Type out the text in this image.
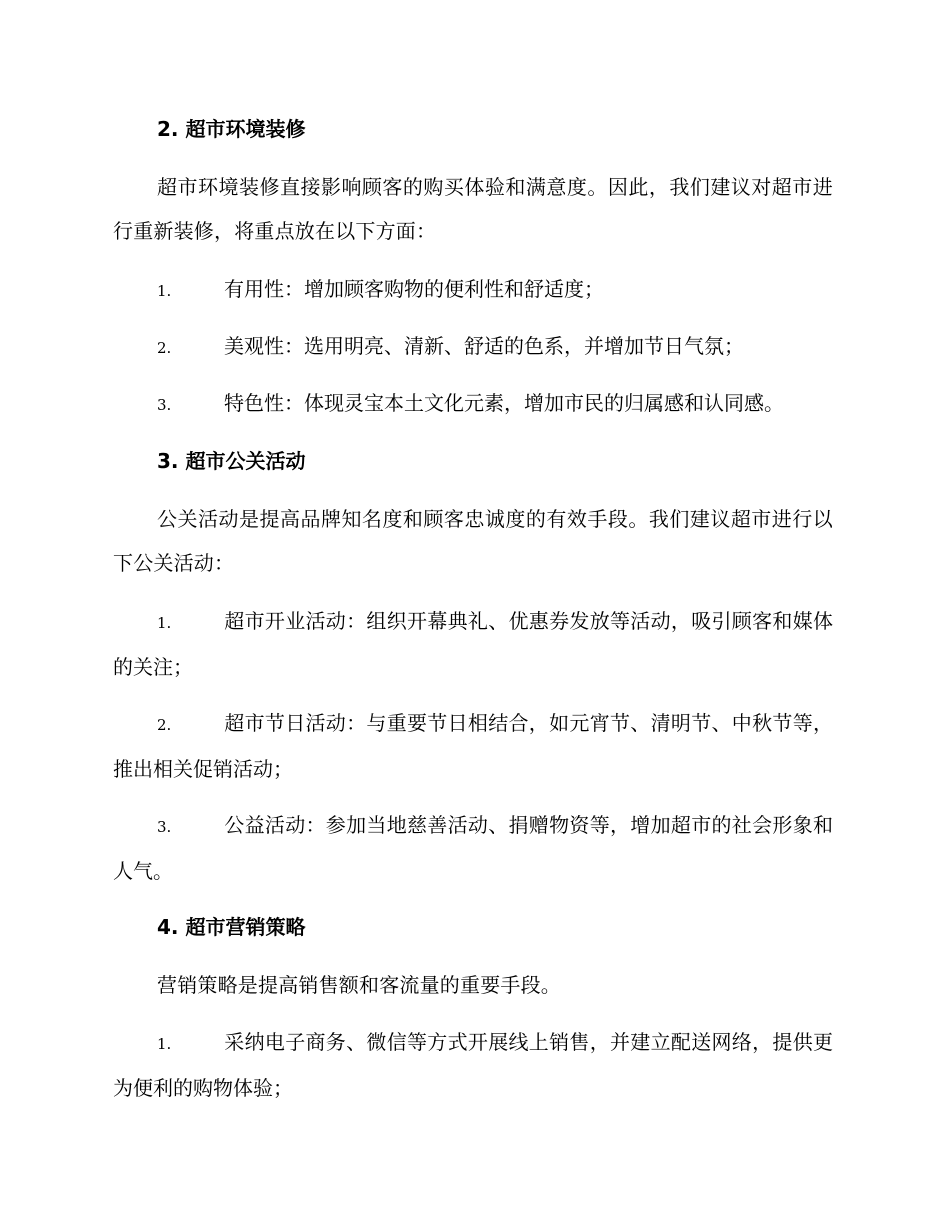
2. 超市环境装修
超市环境装修直接影响顾客的购买体验和满意度。因此，我们建议对超市进行重新装修，将重点放在以下方面：
1.	有用性：增加顾客购物的便利性和舒适度；
2.	美观性：选用明亮、清新、舒适的色系，并增加节日气氛；
3.	特色性：体现灵宝本土文化元素，增加市民的归属感和认同感。
3. 超市公关活动
公关活动是提高品牌知名度和顾客忠诚度的有效手段。我们建议超市进行以下公关活动：
1.	超市开业活动：组织开幕典礼、优惠券发放等活动，吸引顾客和媒体的关注；
2.	超市节日活动：与重要节日相结合，如元宵节、清明节、中秋节等，推出相关促销活动；
3.	公益活动：参加当地慈善活动、捐赠物资等，增加超市的社会形象和人气。
4. 超市营销策略
营销策略是提高销售额和客流量的重要手段。
1.	采纳电子商务、微信等方式开展线上销售，并建立配送网络，提供更为便利的购物体验；
